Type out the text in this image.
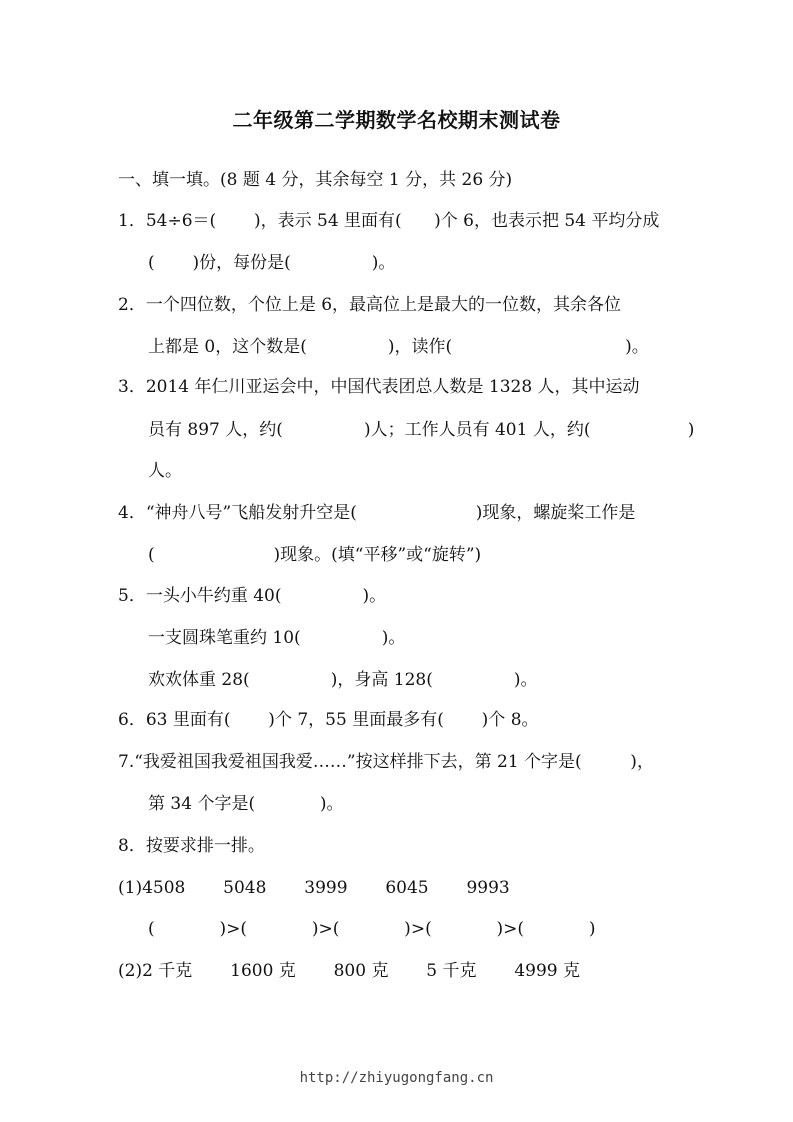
二年级第二学期数学名校期末测试卷
一、填一填。(8 题 4 分，其余每空 1 分，共 26 分)
1．54÷6＝(       )，表示 54 里面有(      )个 6，也表示把 54 平均分成
(       )份，每份是(               )。
2．一个四位数，个位上是 6，最高位上是最大的一位数，其余各位
上都是 0，这个数是(               )，读作(                                )。
3．2014 年仁川亚运会中，中国代表团总人数是 1328 人，其中运动
员有 897 人，约(               )人；工作人员有 401 人，约(                  )
人。
4．“神舟八号”飞船发射升空是(                      )现象，螺旋桨工作是
(                      )现象。(填“平移”或“旋转”)
5．一头小牛约重 40(               )。
一支圆珠笔重约 10(               )。
欢欢体重 28(               )，身高 128(               )。
6．63 里面有(       )个 7，55 里面最多有(       )个 8。
7.“我爱祖国我爱祖国我爱……”按这样排下去，第 21 个字是(         )，
第 34 个字是(            )。
8．按要求排一排。
(1)4508       5048       3999       6045       9993
(            )>(            )>(            )>(            )>(            )
(2)2 千克       1600 克       800 克       5 千克       4999 克
http://zhiyugongfang.cn
